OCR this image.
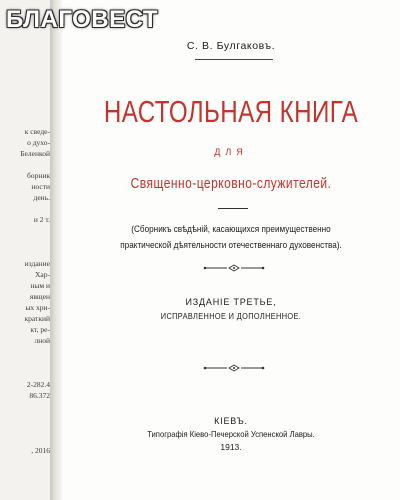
к сведе-
о духо-
Беленкой
борник
ности
день.
и 2 т.
издание
Хар-
ным и
явщен
ых хри-
краткий
кт, ре-
лной
2-282.4
86.372
, 2016
БЛАГОВЕСТ
С. В. Булгаковъ.
НАСТОЛЬНАЯ КНИГА
ДЛЯ
Священно-церковно-служителей.
(Сборникъ свѣдѣнiй, касающихся преимущественно
практической дѣятельности отечественнаго духовенства).
ИЗДАНІЕ ТРЕТЬЕ,
ИСПРАВЛЕННОЕ И ДОПОЛНЕННОЕ.
КІЕВЪ.
Типографія Кіево-Печерской Успенской Лавры.
1913.
